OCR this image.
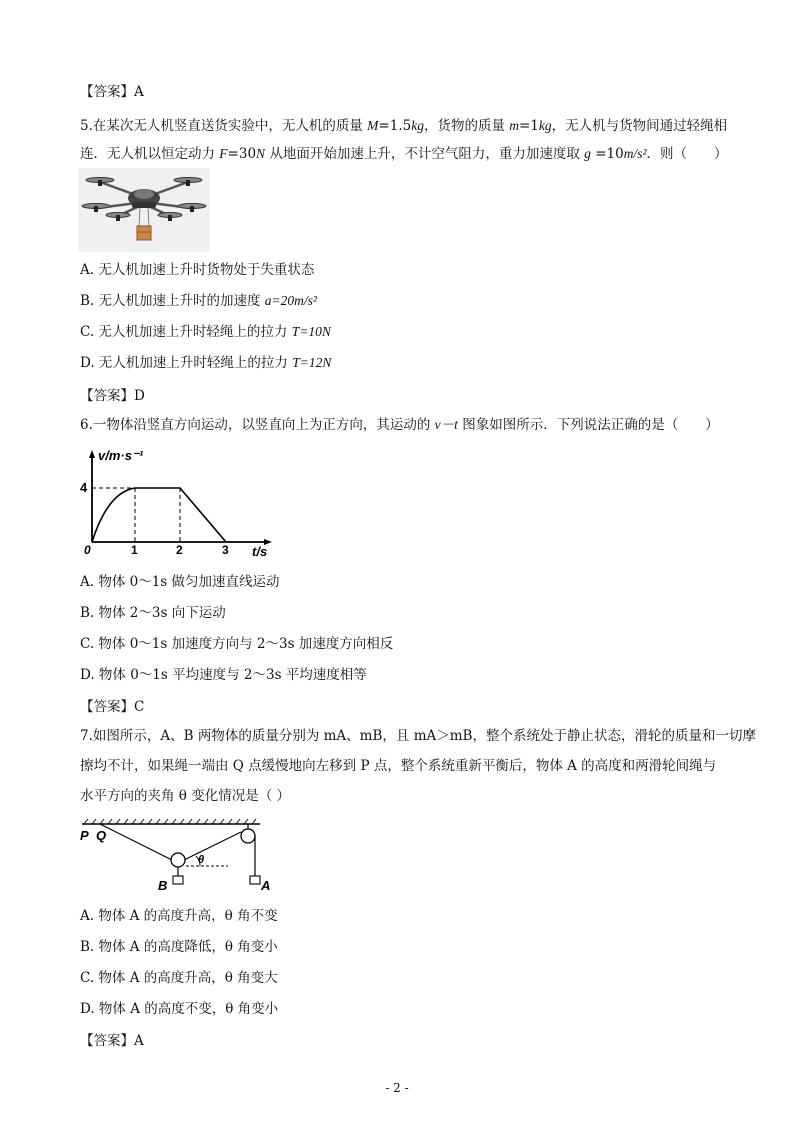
【答案】A
5.在某次无人机竖直送货实验中，无人机的质量 M=1.5kg，货物的质量 m=1kg，无人机与货物间通过轻绳相
连．无人机以恒定动力 F=30N 从地面开始加速上升，不计空气阻力，重力加速度取 g =10m/s²．则（　　）
A. 无人机加速上升时货物处于失重状态
B. 无人机加速上升时的加速度 a=20m/s²
C. 无人机加速上升时轻绳上的拉力 T=10N
D. 无人机加速上升时轻绳上的拉力 T=12N
【答案】D
6.一物体沿竖直方向运动，以竖直向上为正方向，其运动的 v－t 图象如图所示．下列说法正确的是（　　）
v/m·s⁻¹
4
0	1	2	3 t/s
A. 物体 0～1s 做匀加速直线运动
B. 物体 2～3s 向下运动
C. 物体 0～1s 加速度方向与 2～3s 加速度方向相反
D. 物体 0～1s 平均速度与 2～3s 平均速度相等
【答案】C
7.如图所示，A、B 两物体的质量分别为 mA、mB，且 mA＞mB，整个系统处于静止状态，滑轮的质量和一切摩
擦均不计，如果绳一端由 Q 点缓慢地向左移到 P 点，整个系统重新平衡后，物体 A 的高度和两滑轮间绳与
水平方向的夹角 θ 变化情况是（ ）
θ
P Q
B	A
A. 物体 A 的高度升高，θ 角不变
B. 物体 A 的高度降低，θ 角变小
C. 物体 A 的高度升高，θ 角变大
D. 物体 A 的高度不变，θ 角变小
【答案】A
- 2 -
